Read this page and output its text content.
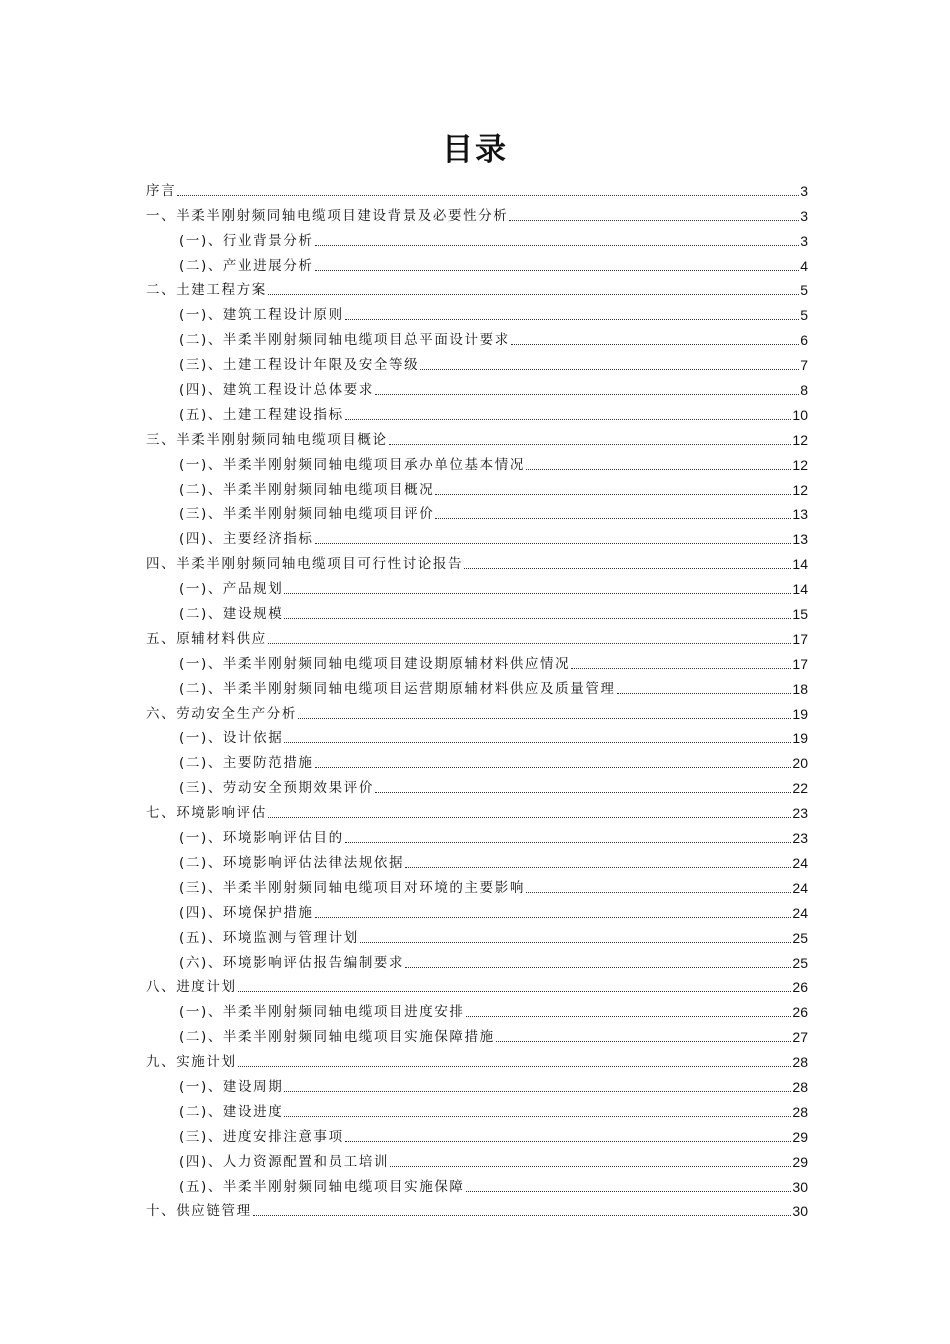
目录
序言	3
一、半柔半刚射频同轴电缆项目建设背景及必要性分析	3
(一)、行业背景分析	3
(二)、产业进展分析	4
二、土建工程方案	5
(一)、建筑工程设计原则	5
(二)、半柔半刚射频同轴电缆项目总平面设计要求	6
(三)、土建工程设计年限及安全等级	7
(四)、建筑工程设计总体要求	8
(五)、土建工程建设指标	10
三、半柔半刚射频同轴电缆项目概论	12
(一)、半柔半刚射频同轴电缆项目承办单位基本情况	12
(二)、半柔半刚射频同轴电缆项目概况	12
(三)、半柔半刚射频同轴电缆项目评价	13
(四)、主要经济指标	13
四、半柔半刚射频同轴电缆项目可行性讨论报告	14
(一)、产品规划	14
(二)、建设规模	15
五、原辅材料供应	17
(一)、半柔半刚射频同轴电缆项目建设期原辅材料供应情况	17
(二)、半柔半刚射频同轴电缆项目运营期原辅材料供应及质量管理	18
六、劳动安全生产分析	19
(一)、设计依据	19
(二)、主要防范措施	20
(三)、劳动安全预期效果评价	22
七、环境影响评估	23
(一)、环境影响评估目的	23
(二)、环境影响评估法律法规依据	24
(三)、半柔半刚射频同轴电缆项目对环境的主要影响	24
(四)、环境保护措施	24
(五)、环境监测与管理计划	25
(六)、环境影响评估报告编制要求	25
八、进度计划	26
(一)、半柔半刚射频同轴电缆项目进度安排	26
(二)、半柔半刚射频同轴电缆项目实施保障措施	27
九、实施计划	28
(一)、建设周期	28
(二)、建设进度	28
(三)、进度安排注意事项	29
(四)、人力资源配置和员工培训	29
(五)、半柔半刚射频同轴电缆项目实施保障	30
十、供应链管理	30
